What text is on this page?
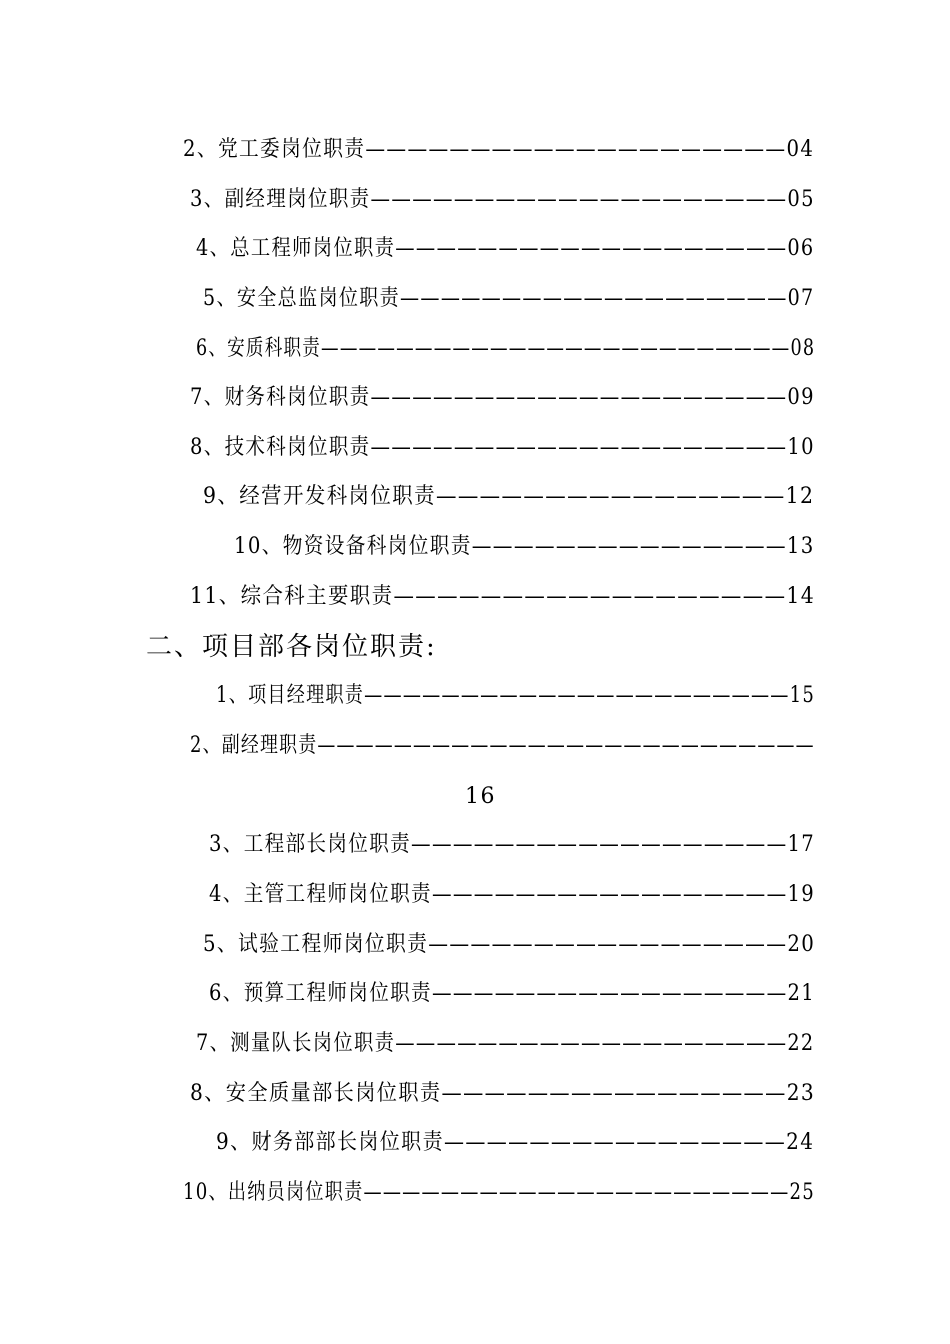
2、党工委岗位职责————————————————————04
3、副经理岗位职责————————————————————05
4、总工程师岗位职责———————————————————06
5、安全总监岗位职责———————————————————07
6、安质科职责—————————————————————————08
7、财务科岗位职责————————————————————09
8、技术科岗位职责————————————————————10
9、经营开发科岗位职责————————————————12
10、物资设备科岗位职责———————————————13
11、综合科主要职责——————————————————14
二、项目部各岗位职责:
1、项目经理职责——————————————————————15
2、副经理职责——————————————————————————
16
3、工程部长岗位职责——————————————————17
4、主管工程师岗位职责—————————————————19
5、试验工程师岗位职责—————————————————20
6、预算工程师岗位职责—————————————————21
7、测量队长岗位职责———————————————————22
8、安全质量部长岗位职责————————————————23
9、财务部部长岗位职责————————————————24
10、出纳员岗位职责——————————————————————25
